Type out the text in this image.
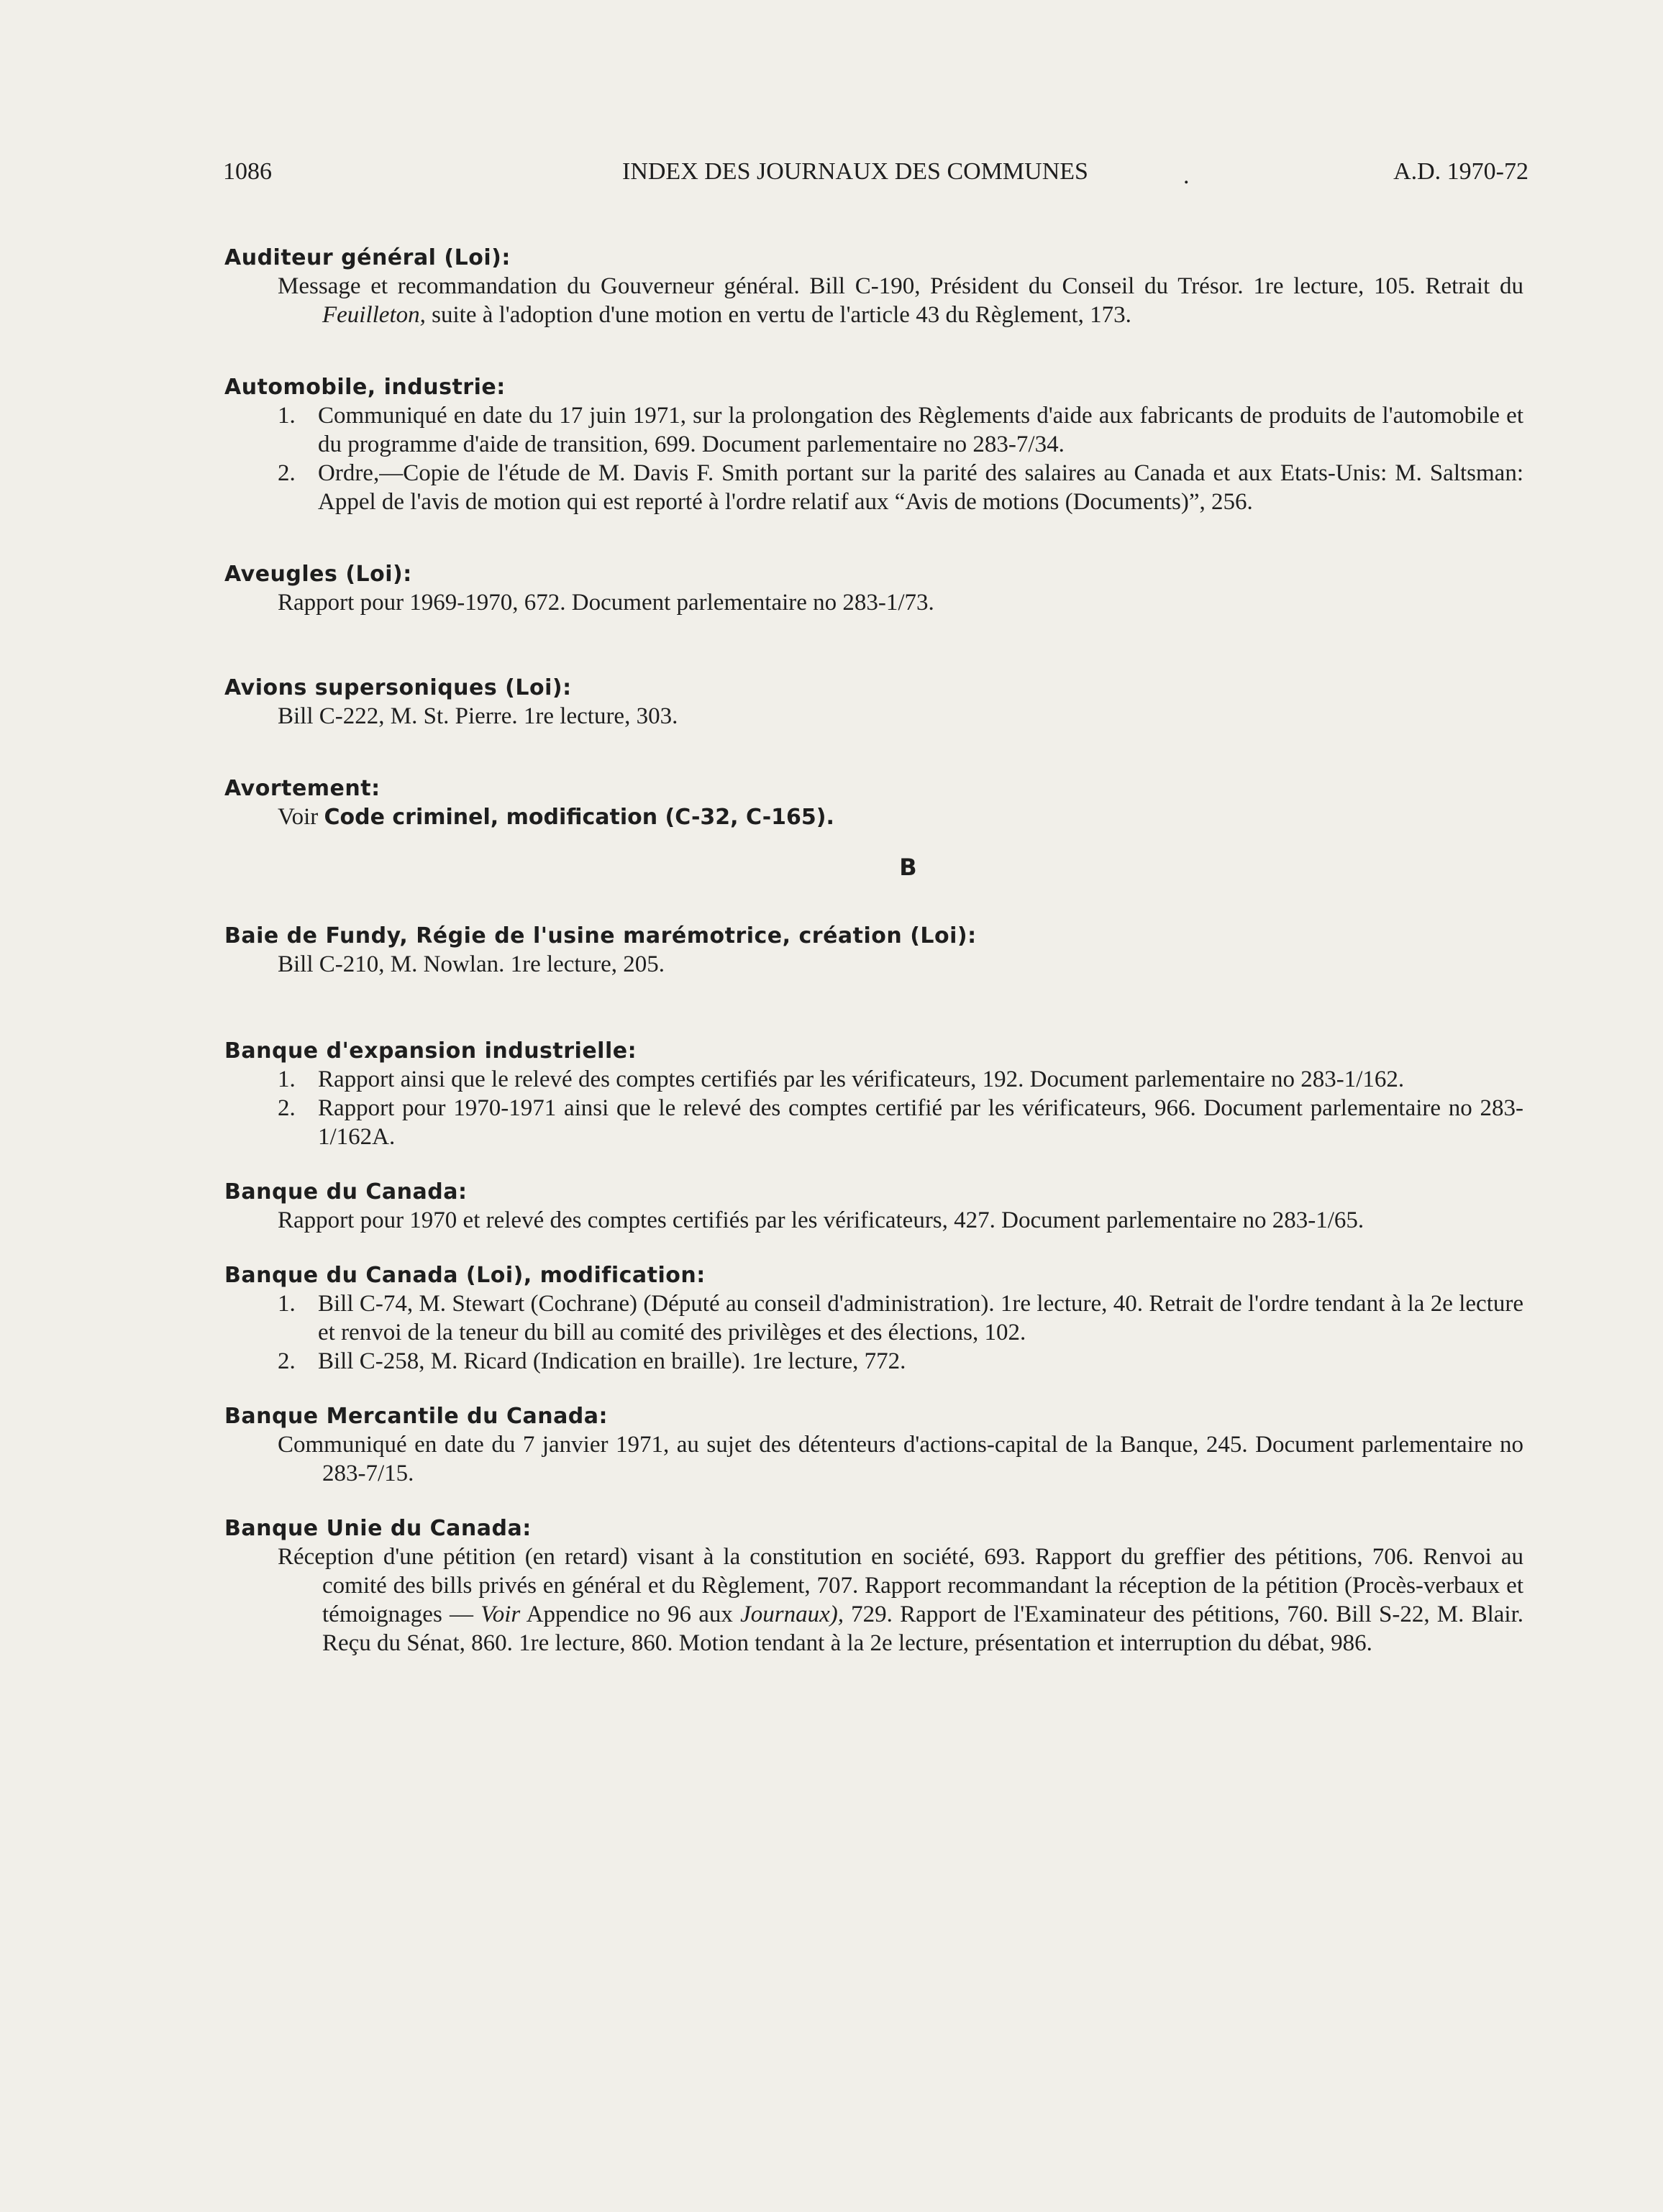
1086	INDEX DES JOURNAUX DES COMMUNES	.	A.D. 1970-72
Auditeur général (Loi):
Message et recommandation du Gouverneur général. Bill C-190, Président du Conseil du Trésor. 1re lecture, 105. Retrait du Feuilleton, suite à l'adoption d'une motion en vertu de l'article 43 du Règlement, 173.
Automobile, industrie:
1. Communiqué en date du 17 juin 1971, sur la prolongation des Règlements d'aide aux fabricants de produits de l'automobile et du programme d'aide de transition, 699. Document parlementaire no 283-7/34.
2. Ordre,—Copie de l'étude de M. Davis F. Smith portant sur la parité des salaires au Canada et aux Etats-Unis: M. Saltsman: Appel de l'avis de motion qui est reporté à l'ordre relatif aux “Avis de motions (Documents)”, 256.
Aveugles (Loi):
Rapport pour 1969-1970, 672. Document parlementaire no 283-1/73.
Avions supersoniques (Loi):
Bill C-222, M. St. Pierre. 1re lecture, 303.
Avortement:
Voir Code criminel, modification (C-32, C-165).
B
Baie de Fundy, Régie de l'usine marémotrice, création (Loi):
Bill C-210, M. Nowlan. 1re lecture, 205.
Banque d'expansion industrielle:
1. Rapport ainsi que le relevé des comptes certifiés par les vérificateurs, 192. Document parlementaire no 283-1/162.
2. Rapport pour 1970-1971 ainsi que le relevé des comptes certifié par les vérificateurs, 966. Document parlementaire no 283-1/162A.
Banque du Canada:
Rapport pour 1970 et relevé des comptes certifiés par les vérificateurs, 427. Document parlementaire no 283-1/65.
Banque du Canada (Loi), modification:
1. Bill C-74, M. Stewart (Cochrane) (Député au conseil d'administration). 1re lecture, 40. Retrait de l'ordre tendant à la 2e lecture et renvoi de la teneur du bill au comité des privilèges et des élections, 102.
2. Bill C-258, M. Ricard (Indication en braille). 1re lecture, 772.
Banque Mercantile du Canada:
Communiqué en date du 7 janvier 1971, au sujet des détenteurs d'actions-capital de la Banque, 245. Document parlementaire no 283-7/15.
Banque Unie du Canada:
Réception d'une pétition (en retard) visant à la constitution en société, 693. Rapport du greffier des pétitions, 706. Renvoi au comité des bills privés en général et du Règlement, 707. Rapport recommandant la réception de la pétition (Procès-verbaux et témoignages — Voir Appendice no 96 aux Journaux), 729. Rapport de l'Examinateur des pétitions, 760. Bill S-22, M. Blair. Reçu du Sénat, 860. 1re lecture, 860. Motion tendant à la 2e lecture, présentation et interruption du débat, 986.
